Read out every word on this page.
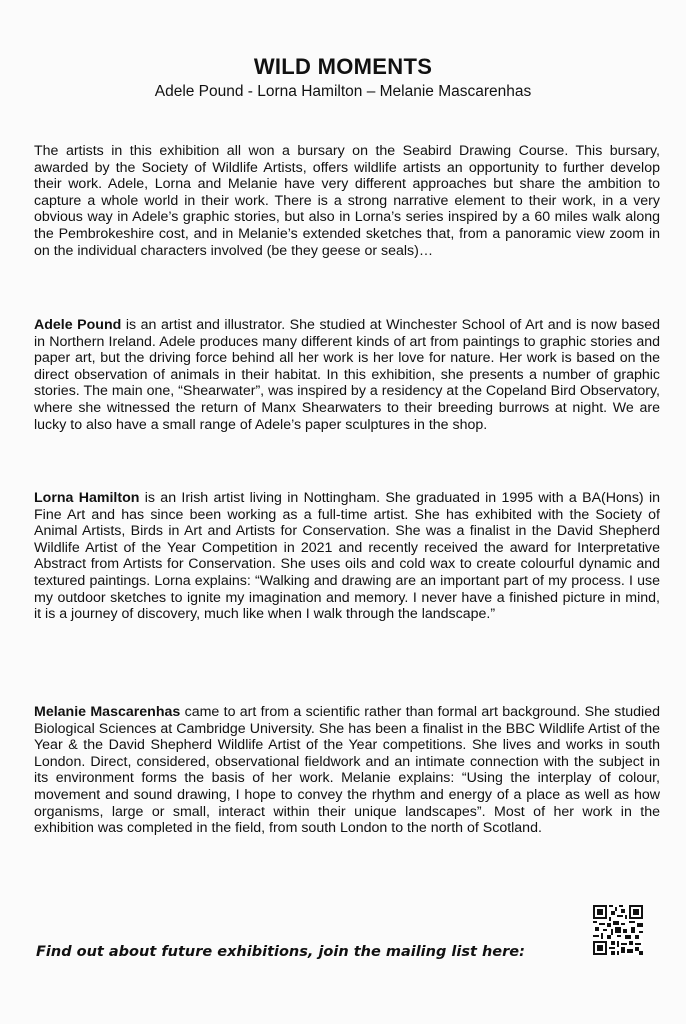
WILD MOMENTS
Adele Pound - Lorna Hamilton – Melanie Mascarenhas

The artists in this exhibition all won a bursary on the Seabird Drawing Course. This bursary, awarded by the Society of Wildlife Artists, offers wildlife artists an opportunity to further develop their work. Adele, Lorna and Melanie have very different approaches but share the ambition to capture a whole world in their work. There is a strong narrative element to their work, in a very obvious way in Adele’s graphic stories, but also in Lorna’s series inspired by a 60 miles walk along the Pembrokeshire cost, and in Melanie’s extended sketches that, from a panoramic view zoom in on the individual characters involved (be they geese or seals)…

Adele Pound is an artist and illustrator. She studied at Winchester School of Art and is now based in Northern Ireland. Adele produces many different kinds of art from paintings to graphic stories and paper art, but the driving force behind all her work is her love for nature. Her work is based on the direct observation of animals in their habitat. In this exhibition, she presents a number of graphic stories. The main one, “Shearwater”, was inspired by a residency at the Copeland Bird Observatory, where she witnessed the return of Manx Shearwaters to their breeding burrows at night. We are lucky to also have a small range of Adele’s paper sculptures in the shop.

Lorna Hamilton is an Irish artist living in Nottingham. She graduated in 1995 with a BA(Hons) in Fine Art and has since been working as a full-time artist. She has exhibited with the Society of Animal Artists, Birds in Art and Artists for Conservation. She was a finalist in the David Shepherd Wildlife Artist of the Year Competition in 2021 and recently received the award for Interpretative Abstract from Artists for Conservation. She uses oils and cold wax to create colourful dynamic and textured paintings. Lorna explains: “Walking and drawing are an important part of my process. I use my outdoor sketches to ignite my imagination and memory. I never have a finished picture in mind, it is a journey of discovery, much like when I walk through the landscape.”

Melanie Mascarenhas came to art from a scientific rather than formal art background. She studied Biological Sciences at Cambridge University. She has been a finalist in the BBC Wildlife Artist of the Year & the David Shepherd Wildlife Artist of the Year competitions. She lives and works in south London. Direct, considered, observational fieldwork and an intimate connection with the subject in its environment forms the basis of her work. Melanie explains: “Using the interplay of colour, movement and sound drawing, I hope to convey the rhythm and energy of a place as well as how organisms, large or small, interact within their unique landscapes”. Most of her work in the exhibition was completed in the field, from south London to the north of Scotland.

Find out about future exhibitions, join the mailing list here:
